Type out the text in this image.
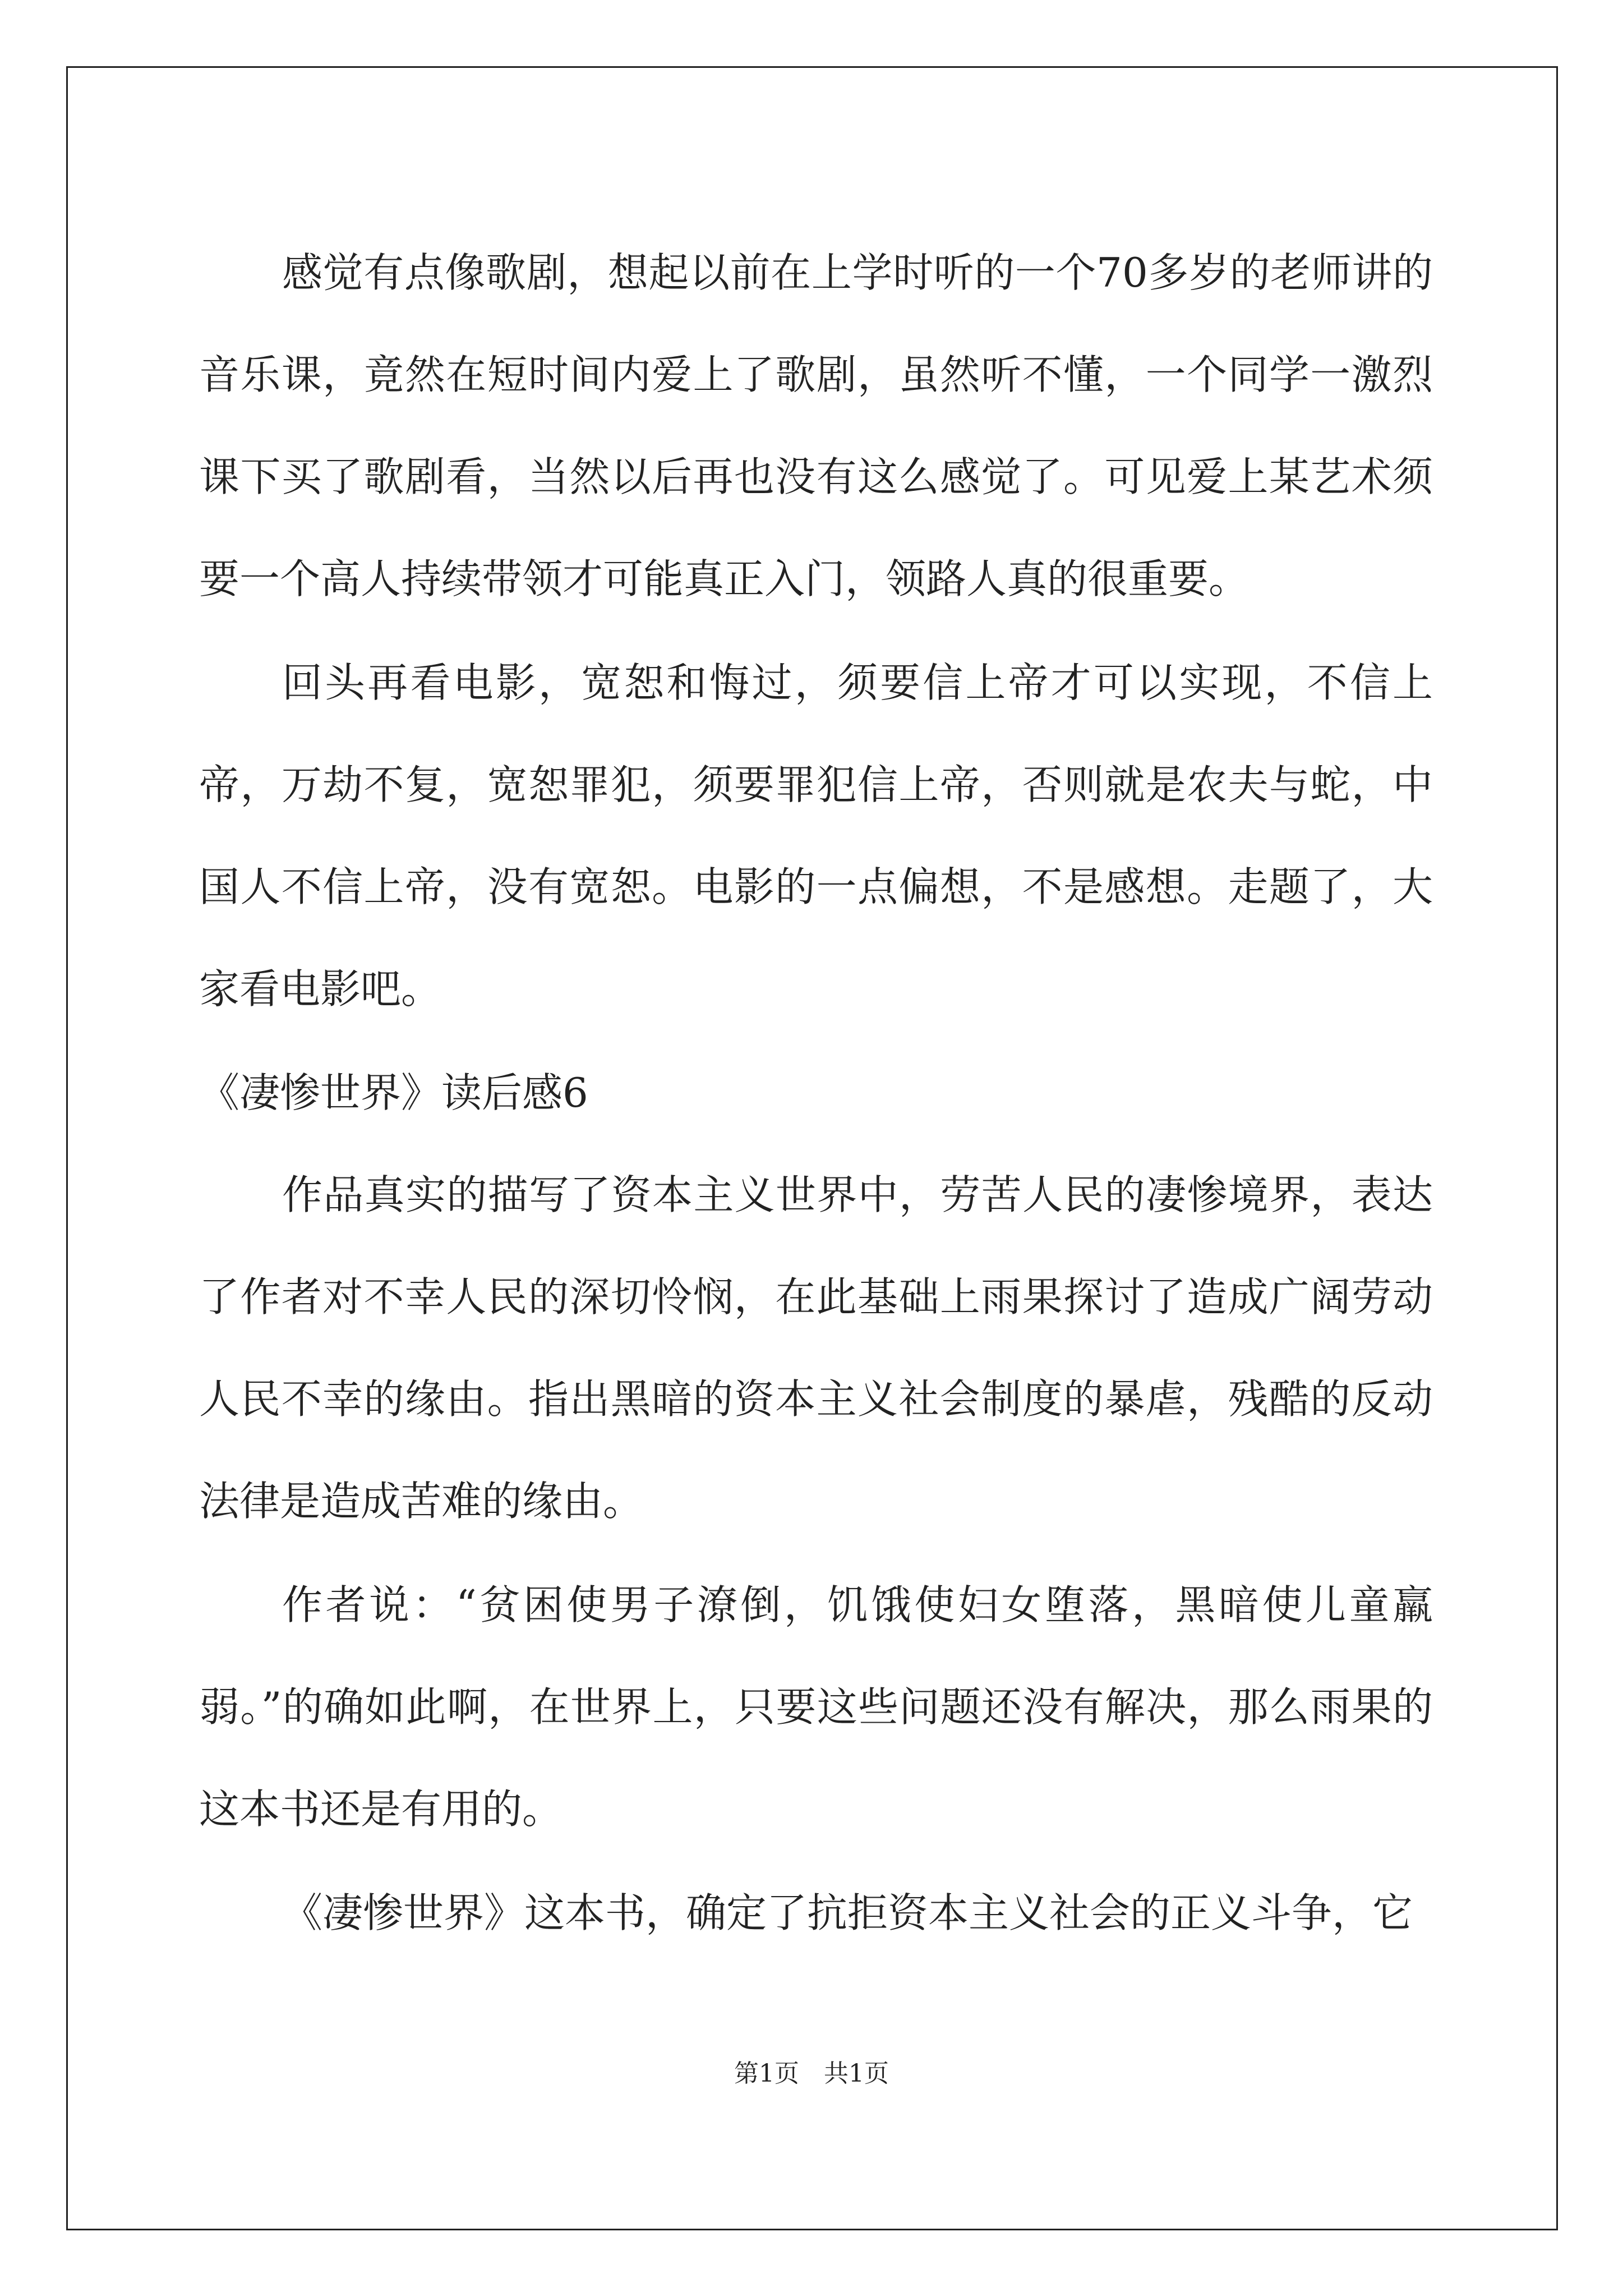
感觉有点像歌剧，想起以前在上学时听的一个70多岁的老师讲的音乐课，竟然在短时间内爱上了歌剧，虽然听不懂，一个同学一激烈课下买了歌剧看，当然以后再也没有这么感觉了。可见爱上某艺术须要一个高人持续带领才可能真正入门，领路人真的很重要。

回头再看电影，宽恕和悔过，须要信上帝才可以实现，不信上帝，万劫不复，宽恕罪犯，须要罪犯信上帝，否则就是农夫与蛇，中国人不信上帝，没有宽恕。电影的一点偏想，不是感想。走题了，大家看电影吧。

《凄惨世界》读后感6

作品真实的描写了资本主义世界中，劳苦人民的凄惨境界，表达了作者对不幸人民的深切怜悯，在此基础上雨果探讨了造成广阔劳动人民不幸的缘由。指出黑暗的资本主义社会制度的暴虐，残酷的反动法律是造成苦难的缘由。

作者说：“贫困使男子潦倒，饥饿使妇女堕落，黑暗使儿童羸弱。”的确如此啊，在世界上，只要这些问题还没有解决，那么雨果的这本书还是有用的。

《凄惨世界》这本书，确定了抗拒资本主义社会的正义斗争，它

第1页　共1页
